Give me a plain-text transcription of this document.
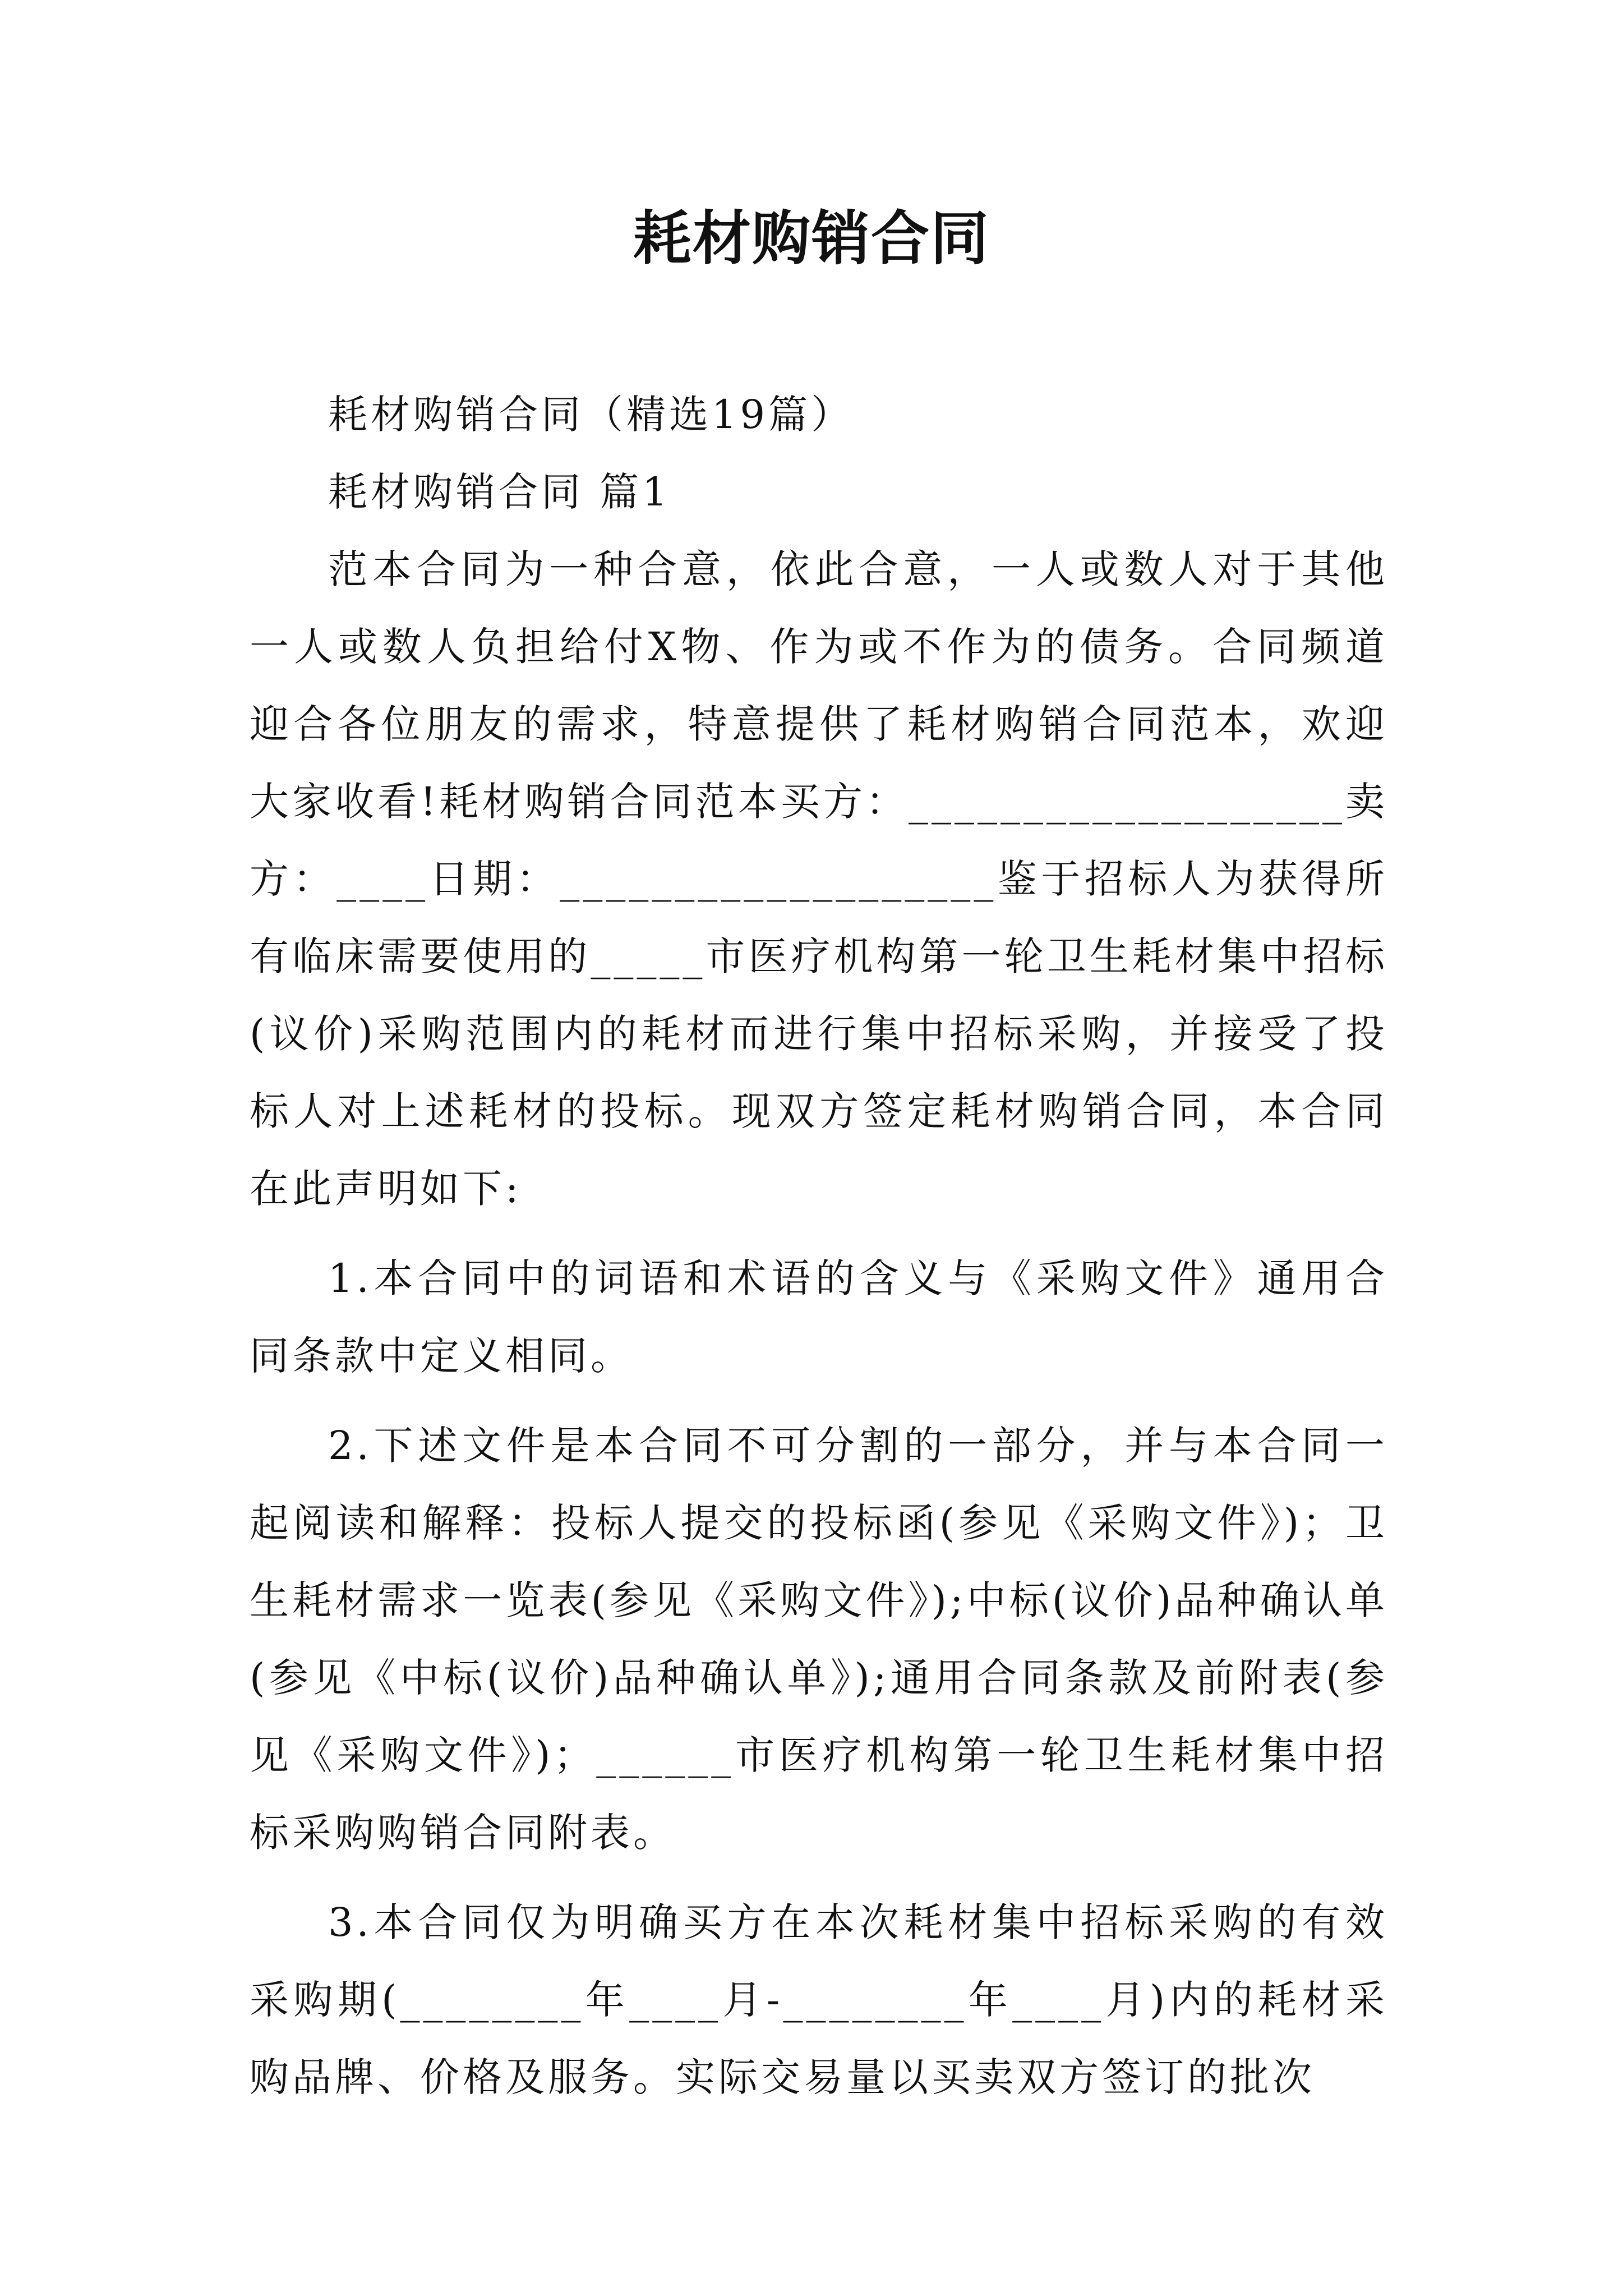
耗材购销合同

耗材购销合同（精选19篇）

耗材购销合同 篇1

范本合同为一种合意，依此合意，一人或数人对于其他一人或数人负担给付X物、作为或不作为的债务。合同频道迎合各位朋友的需求，特意提供了耗材购销合同范本，欢迎大家收看!耗材购销合同范本买方：___________________卖方：____日期：___________________鉴于招标人为获得所有临床需要使用的_____市医疗机构第一轮卫生耗材集中招标(议价)采购范围内的耗材而进行集中招标采购，并接受了投标人对上述耗材的投标。现双方签定耗材购销合同，本合同在此声明如下:

1.本合同中的词语和术语的含义与《采购文件》通用合同条款中定义相同。

2.下述文件是本合同不可分割的一部分，并与本合同一起阅读和解释：投标人提交的投标函(参见《采购文件》)；卫生耗材需求一览表(参见《采购文件》);中标(议价)品种确认单(参见《中标(议价)品种确认单》);通用合同条款及前附表(参见《采购文件》)；______市医疗机构第一轮卫生耗材集中招标采购购销合同附表。

3.本合同仅为明确买方在本次耗材集中招标采购的有效采购期(________年____月-________年____月)内的耗材采购品牌、价格及服务。实际交易量以买卖双方签订的批次
